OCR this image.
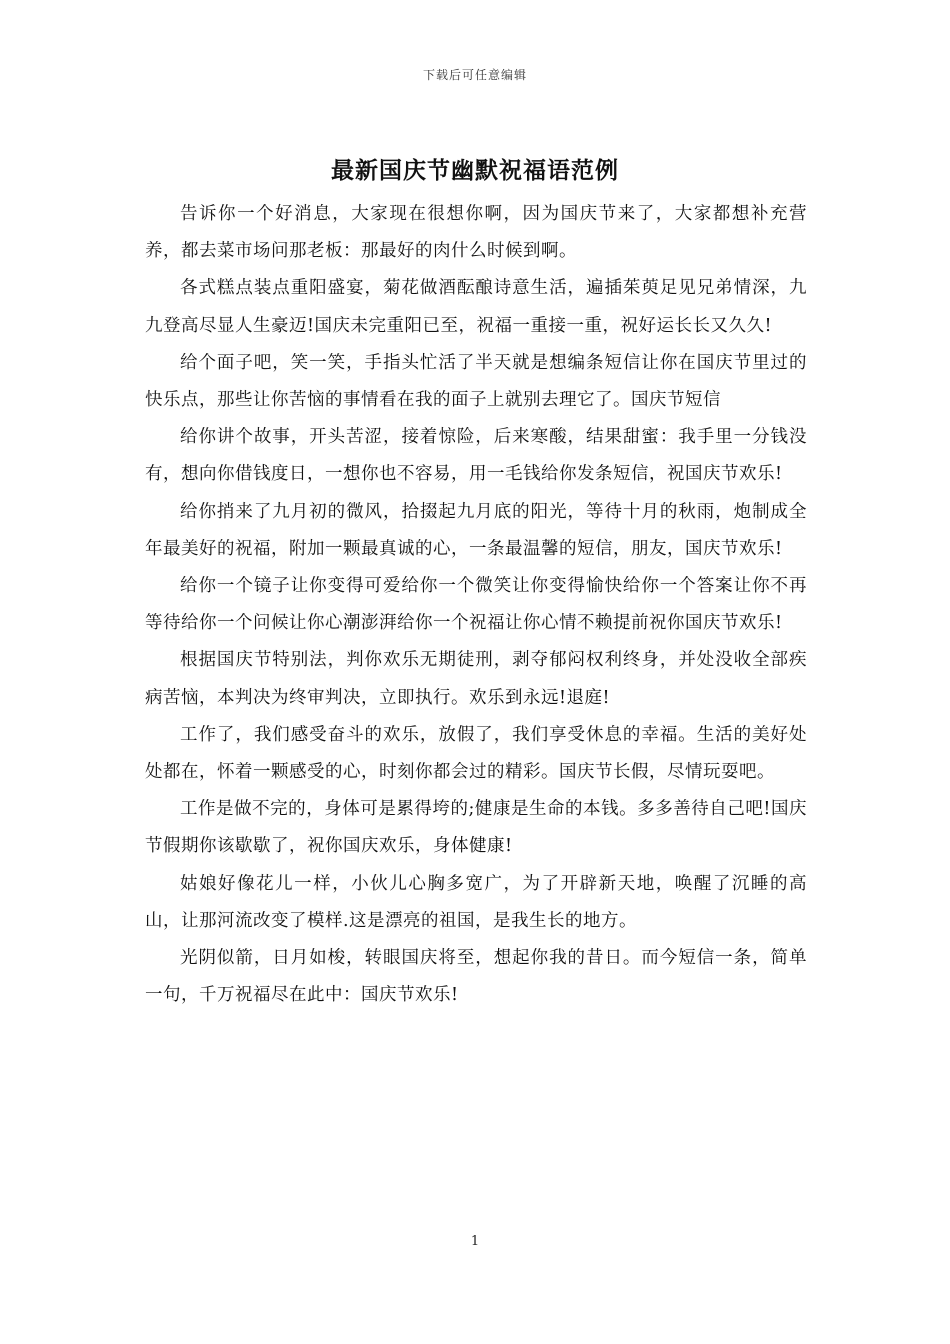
下载后可任意编辑
最新国庆节幽默祝福语范例

告诉你一个好消息，大家现在很想你啊，因为国庆节来了，大家都想补充营养，都去菜市场问那老板：那最好的肉什么时候到啊。

各式糕点装点重阳盛宴，菊花做酒酝酿诗意生活，遍插茱萸足见兄弟情深，九九登高尽显人生豪迈!国庆未完重阳已至，祝福一重接一重，祝好运长长又久久!

给个面子吧，笑一笑，手指头忙活了半天就是想编条短信让你在国庆节里过的快乐点，那些让你苦恼的事情看在我的面子上就别去理它了。国庆节短信

给你讲个故事，开头苦涩，接着惊险，后来寒酸，结果甜蜜：我手里一分钱没有，想向你借钱度日，一想你也不容易，用一毛钱给你发条短信，祝国庆节欢乐!

给你捎来了九月初的微风，拾掇起九月底的阳光，等待十月的秋雨，炮制成全年最美好的祝福，附加一颗最真诚的心，一条最温馨的短信，朋友，国庆节欢乐!

给你一个镜子让你变得可爱给你一个微笑让你变得愉快给你一个答案让你不再等待给你一个问候让你心潮澎湃给你一个祝福让你心情不赖提前祝你国庆节欢乐!

根据国庆节特别法，判你欢乐无期徒刑，剥夺郁闷权利终身，并处没收全部疾病苦恼，本判决为终审判决，立即执行。欢乐到永远!退庭!

工作了，我们感受奋斗的欢乐，放假了，我们享受休息的幸福。生活的美好处处都在，怀着一颗感受的心，时刻你都会过的精彩。国庆节长假，尽情玩耍吧。

工作是做不完的，身体可是累得垮的;健康是生命的本钱。多多善待自己吧!国庆节假期你该歇歇了，祝你国庆欢乐，身体健康!

姑娘好像花儿一样，小伙儿心胸多宽广，为了开辟新天地，唤醒了沉睡的高山，让那河流改变了模样.这是漂亮的祖国，是我生长的地方。

光阴似箭，日月如梭，转眼国庆将至，想起你我的昔日。而今短信一条，简单一句，千万祝福尽在此中：国庆节欢乐!

1
